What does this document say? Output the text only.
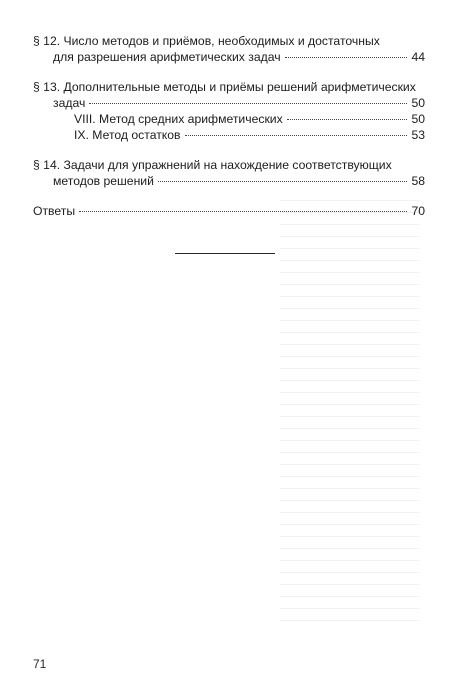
§ 12. Число методов и приёмов, необходимых и достаточных
для разрешения арифметических задач	44
§ 13. Дополнительные методы и приёмы решений арифметических
задач	50
VIII. Метод средних арифметических	50
IX. Метод остатков	53
§ 14. Задачи для упражнений на нахождение соответствующих
методов решений	58
Ответы	70
71
